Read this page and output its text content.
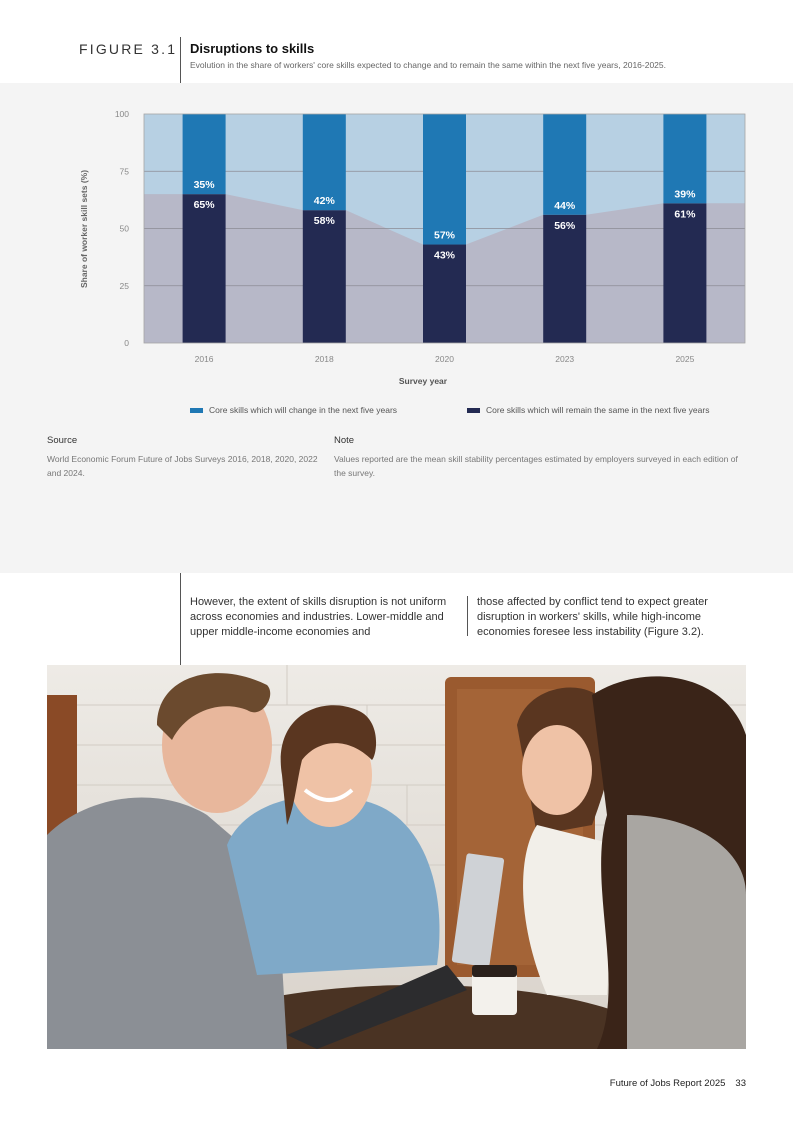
FIGURE 3.1 Disruptions to skills
Evolution in the share of workers' core skills expected to change and to remain the same within the next five years, 2016-2025.
35%
65%	42%
58%
57%
43%
44%
56%
39%
61%
0
25
50
75
100
2016	2018	2020	2023	2025
Share of worker skill sets (%)
Survey year
Core skills which will change in the next five years	Core skills which will remain the same in the next five years
Source
World Economic Forum Future of Jobs Surveys 2016, 2018, 2020, 2022 and 2024.
Note
Values reported are the mean skill stability percentages estimated by employers surveyed in each edition of the survey.
However, the extent of skills disruption is not uniform across economies and industries. Lower-middle and upper middle-income economies and
those affected by conflict tend to expect greater disruption in workers' skills, while high-income economies foresee less instability (Figure 3.2).
Future of Jobs Report 2025 33
